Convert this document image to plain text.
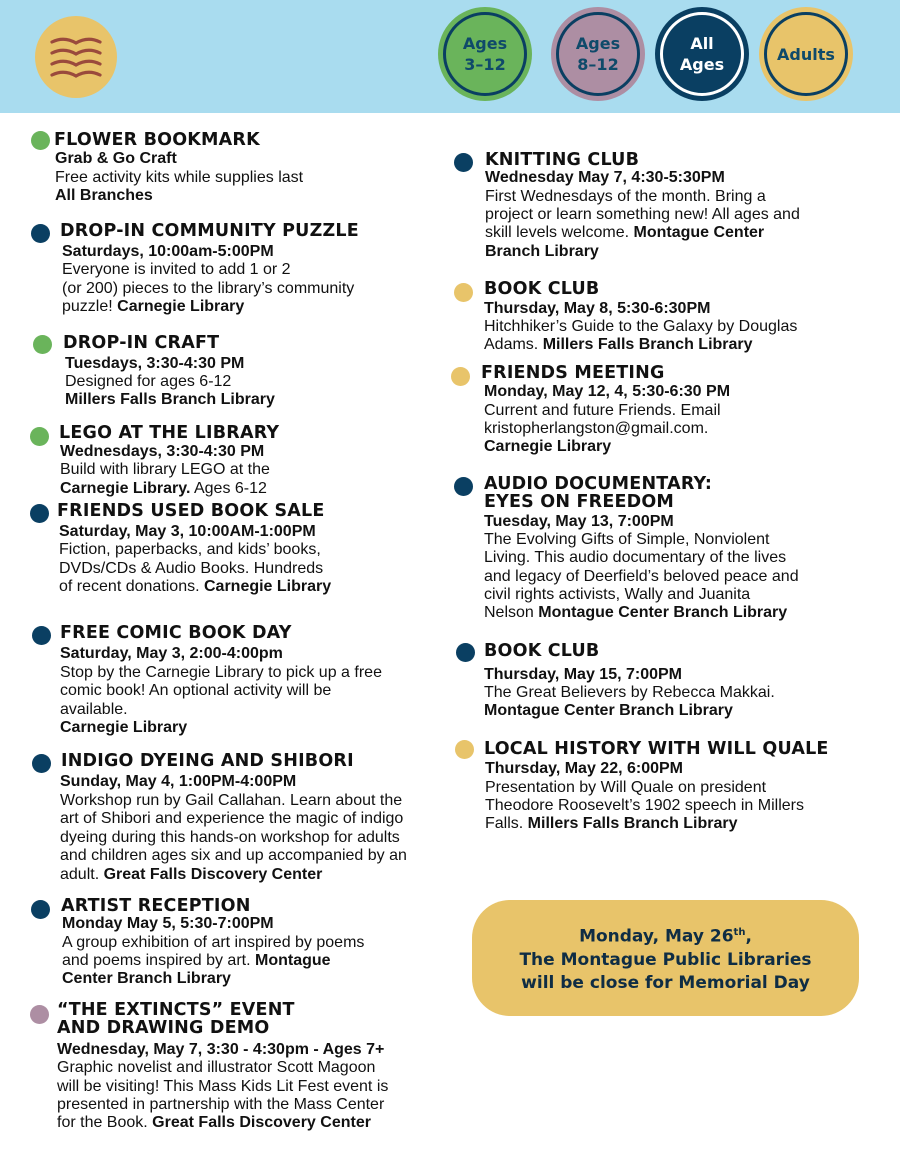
Ages
3–12
Ages
8–12
All
Ages
Adults
FLOWER BOOKMARK
Grab & Go Craft
Free activity kits while supplies last
All Branches
DROP-IN COMMUNITY PUZZLE
Saturdays, 10:00am-5:00PM
Everyone is invited to add 1 or 2
(or 200) pieces to the library’s community
puzzle! Carnegie Library
DROP-IN CRAFT
Tuesdays, 3:30-4:30 PM
Designed for ages 6-12
Millers Falls Branch Library
LEGO AT THE LIBRARY
Wednesdays, 3:30-4:30 PM
Build with library LEGO at the
Carnegie Library. Ages 6-12
FRIENDS USED BOOK SALE
Saturday, May 3, 10:00AM-1:00PM
Fiction, paperbacks, and kids’ books,
DVDs/CDs & Audio Books. Hundreds
of recent donations. Carnegie Library
FREE COMIC BOOK DAY
Saturday, May 3, 2:00-4:00pm
Stop by the Carnegie Library to pick up a free
comic book! An optional activity will be
available.
Carnegie Library
INDIGO DYEING AND SHIBORI
Sunday, May 4, 1:00PM-4:00PM
Workshop run by Gail Callahan. Learn about the
art of Shibori and experience the magic of indigo
dyeing during this hands-on workshop for adults
and children ages six and up accompanied by an
adult. Great Falls Discovery Center
ARTIST RECEPTION
Monday May 5, 5:30-7:00PM
A group exhibition of art inspired by poems
and poems inspired by art. Montague
Center Branch Library
“THE EXTINCTS” EVENT
AND DRAWING DEMO
Wednesday, May 7, 3:30 - 4:30pm - Ages 7+
Graphic novelist and illustrator Scott Magoon
will be visiting! This Mass Kids Lit Fest event is
presented in partnership with the Mass Center
for the Book. Great Falls Discovery Center
KNITTING CLUB
Wednesday May 7, 4:30-5:30PM
First Wednesdays of the month. Bring a
project or learn something new! All ages and
skill levels welcome. Montague Center
Branch Library
BOOK CLUB
Thursday, May 8, 5:30-6:30PM
Hitchhiker’s Guide to the Galaxy by Douglas
Adams. Millers Falls Branch Library
FRIENDS MEETING
Monday, May 12, 4, 5:30-6:30 PM
Current and future Friends. Email
kristopherlangston@gmail.com.
Carnegie Library
AUDIO DOCUMENTARY:
EYES ON FREEDOM
Tuesday, May 13, 7:00PM
The Evolving Gifts of Simple, Nonviolent
Living. This audio documentary of the lives
and legacy of Deerfield’s beloved peace and
civil rights activists, Wally and Juanita
Nelson Montague Center Branch Library
BOOK CLUB
Thursday, May 15, 7:00PM
The Great Believers by Rebecca Makkai.
Montague Center Branch Library
LOCAL HISTORY WITH WILL QUALE
Thursday, May 22, 6:00PM
Presentation by Will Quale on president
Theodore Roosevelt’s 1902 speech in Millers
Falls. Millers Falls Branch Library
Monday, May 26th,
The Montague Public Libraries
will be close for Memorial Day
